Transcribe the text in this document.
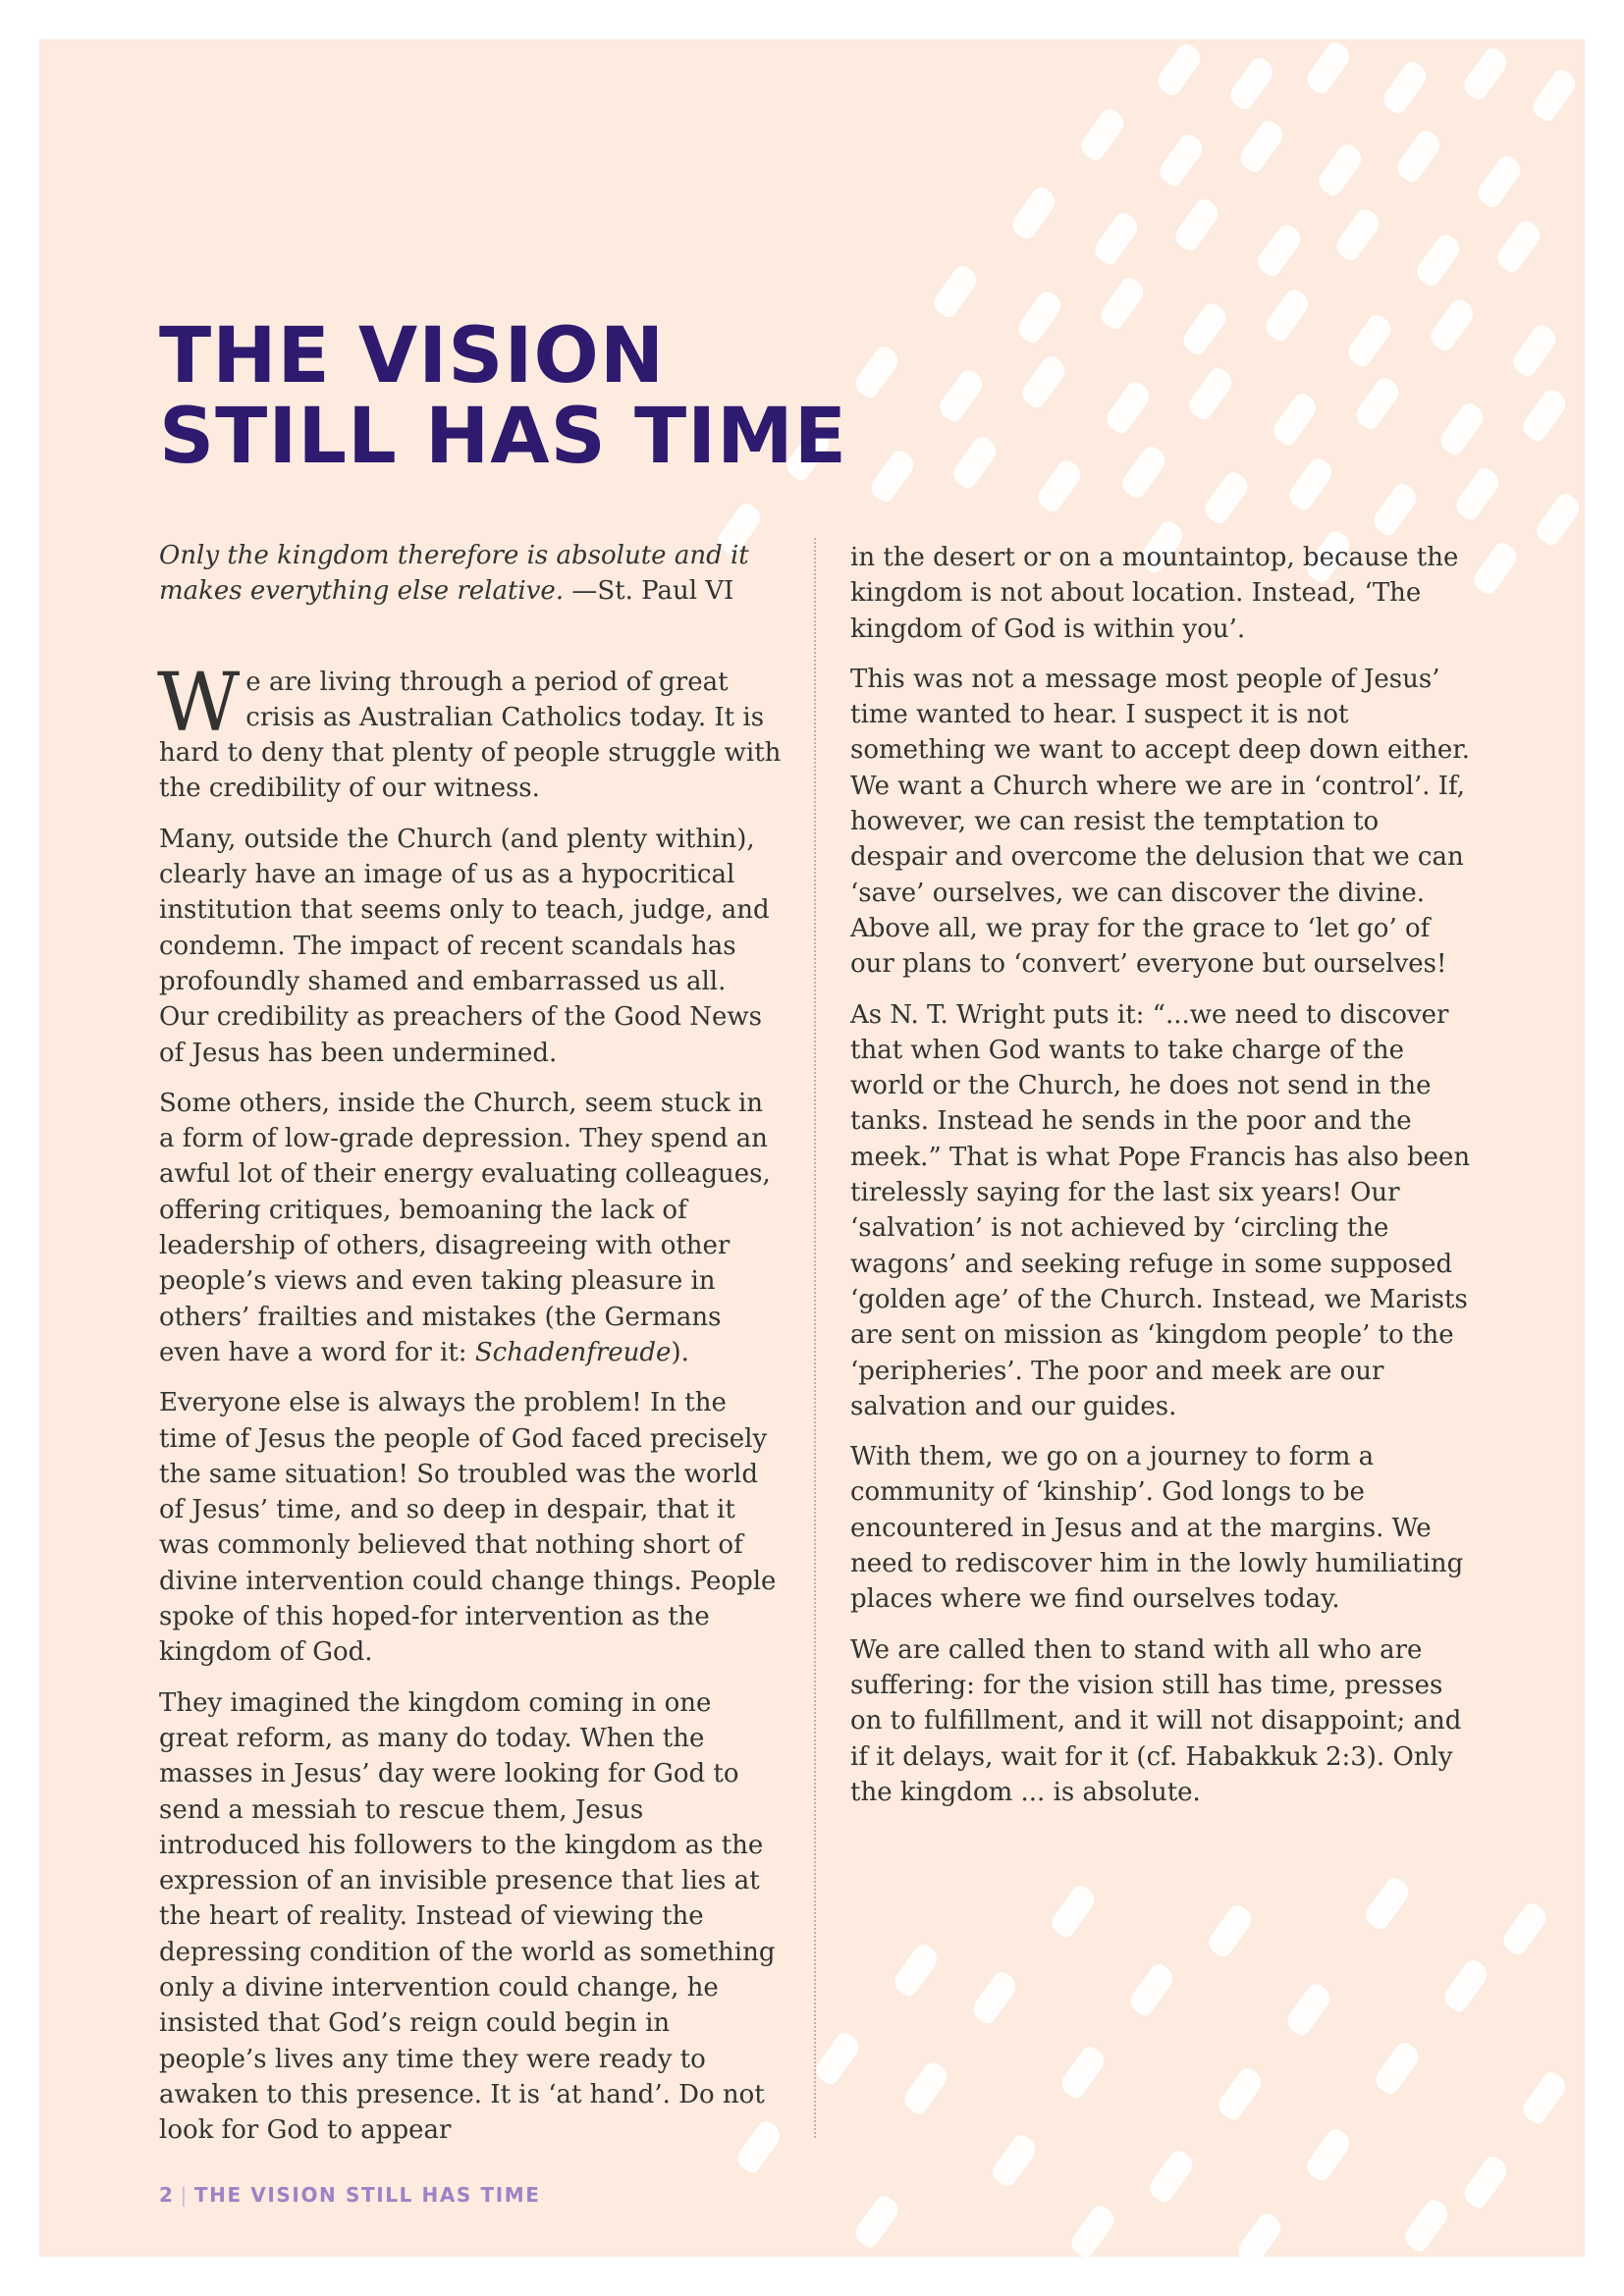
THE VISION
STILL HAS TIME

Only the kingdom therefore is absolute and it
makes everything else relative. —St. Paul VI

We are living through a period of great crisis as Australian Catholics today. It is hard to deny that plenty of people struggle with the credibility of our witness.

Many, outside the Church (and plenty within), clearly have an image of us as a hypocritical institution that seems only to teach, judge, and condemn. The impact of recent scandals has profoundly shamed and embarrassed us all. Our credibility as preachers of the Good News of Jesus has been undermined.

Some others, inside the Church, seem stuck in a form of low-grade depression. They spend an awful lot of their energy evaluating colleagues, offering critiques, bemoaning the lack of leadership of others, disagreeing with other people’s views and even taking pleasure in others’ frailties and mistakes (the Germans even have a word for it: Schadenfreude).

Everyone else is always the problem! In the time of Jesus the people of God faced precisely the same situation! So troubled was the world of Jesus’ time, and so deep in despair, that it was commonly believed that nothing short of divine intervention could change things. People spoke of this hoped-for intervention as the kingdom of God.

They imagined the kingdom coming in one great reform, as many do today. When the masses in Jesus’ day were looking for God to send a messiah to rescue them, Jesus introduced his followers to the kingdom as the expression of an invisible presence that lies at the heart of reality. Instead of viewing the depressing condition of the world as something only a divine intervention could change, he insisted that God’s reign could begin in people’s lives any time they were ready to awaken to this presence. It is ‘at hand’. Do not look for God to appear

in the desert or on a mountaintop, because the kingdom is not about location. Instead, ‘The kingdom of God is within you’.

This was not a message most people of Jesus’ time wanted to hear. I suspect it is not something we want to accept deep down either. We want a Church where we are in ‘control’. If, however, we can resist the temptation to despair and overcome the delusion that we can ‘save’ ourselves, we can discover the divine. Above all, we pray for the grace to ‘let go’ of our plans to ‘convert’ everyone but ourselves!

As N. T. Wright puts it: “...we need to discover that when God wants to take charge of the world or the Church, he does not send in the tanks. Instead he sends in the poor and the meek.” That is what Pope Francis has also been tirelessly saying for the last six years! Our ‘salvation’ is not achieved by ‘circling the wagons’ and seeking refuge in some supposed ‘golden age’ of the Church. Instead, we Marists are sent on mission as ‘kingdom people’ to the ‘peripheries’. The poor and meek are our salvation and our guides.

With them, we go on a journey to form a community of ‘kinship’. God longs to be encountered in Jesus and at the margins. We need to rediscover him in the lowly humiliating places where we find ourselves today.

We are called then to stand with all who are suffering: for the vision still has time, presses on to fulfillment, and it will not disappoint; and if it delays, wait for it (cf. Habakkuk 2:3). Only the kingdom ... is absolute.

2 | THE VISION STILL HAS TIME
